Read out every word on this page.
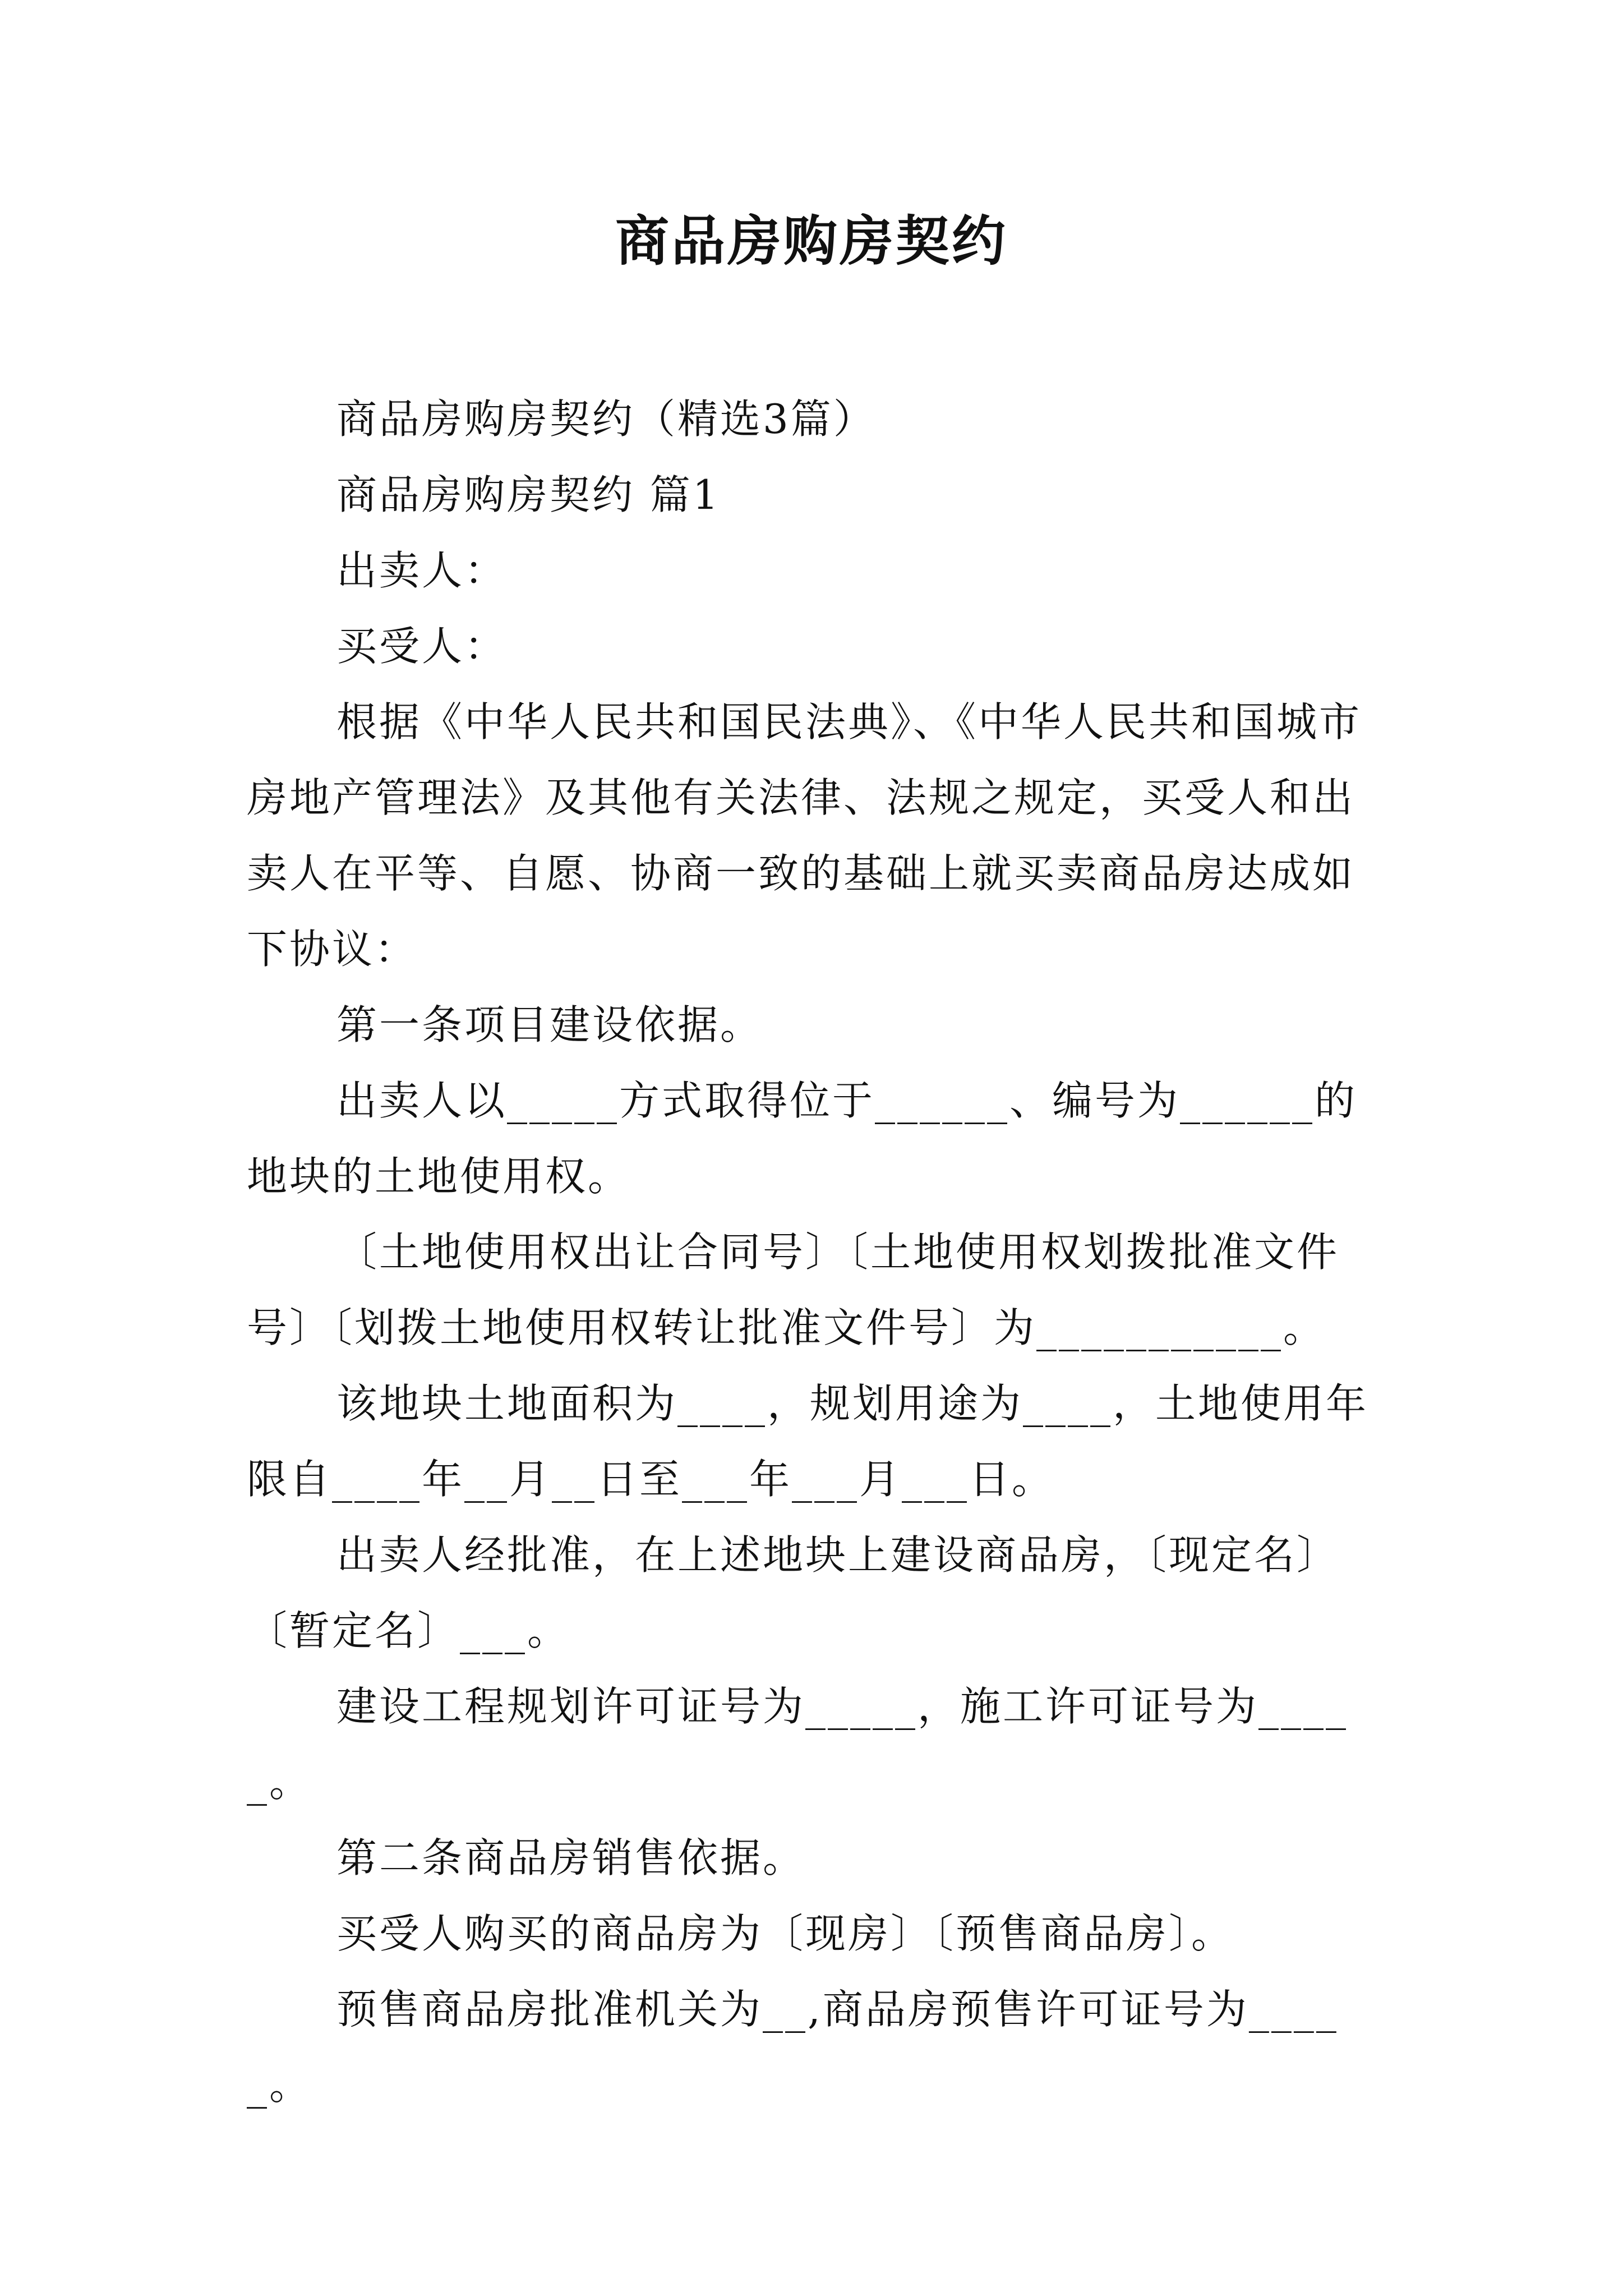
商品房购房契约

商品房购房契约（精选3篇）

商品房购房契约 篇1

出卖人：

买受人：

根据《中华人民共和国民法典》、《中华人民共和国城市房地产管理法》及其他有关法律、法规之规定，买受人和出卖人在平等、自愿、协商一致的基础上就买卖商品房达成如下协议：

第一条项目建设依据。

出卖人以_____方式取得位于______、编号为______的地块的土地使用权。

〔土地使用权出让合同号〕〔土地使用权划拨批准文件号〕〔划拨土地使用权转让批准文件号〕为___________。

该地块土地面积为____，规划用途为____，土地使用年限自____年__月__日至___年___月___日。

出卖人经批准，在上述地块上建设商品房，〔现定名〕〔暂定名〕___。

建设工程规划许可证号为_____，施工许可证号为_____。

第二条商品房销售依据。

买受人购买的商品房为〔现房〕〔预售商品房〕。

预售商品房批准机关为__,商品房预售许可证号为_____。
